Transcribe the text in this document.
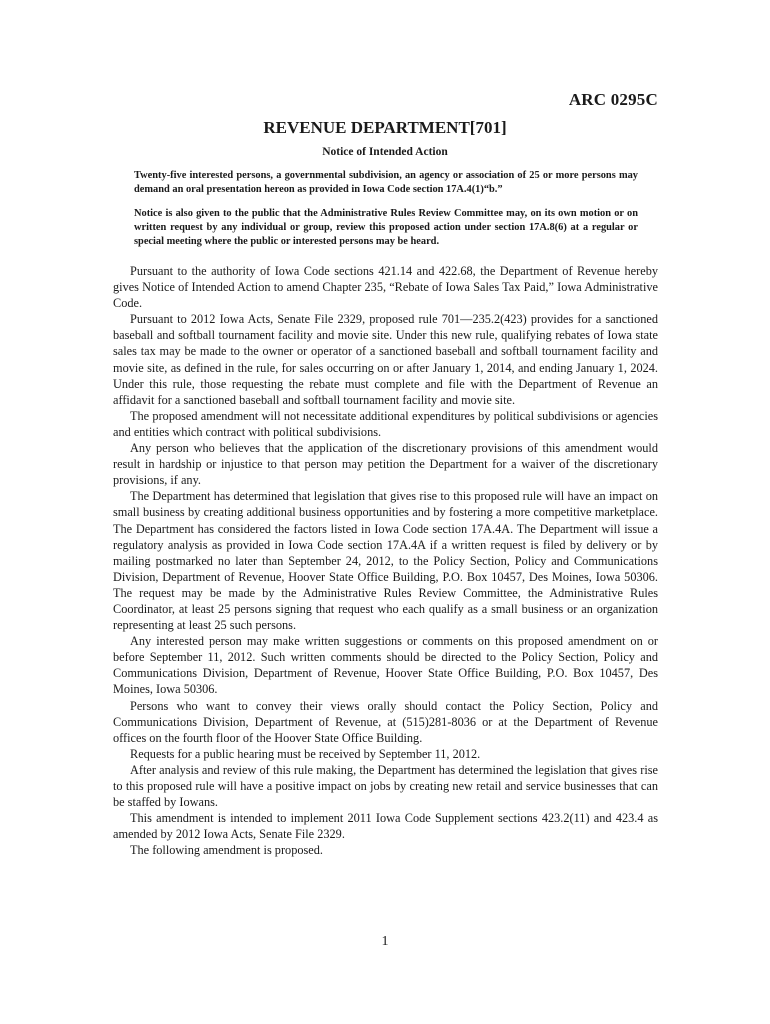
ARC 0295C
REVENUE DEPARTMENT[701]
Notice of Intended Action
Twenty-five interested persons, a governmental subdivision, an agency or association of 25 or more persons may demand an oral presentation hereon as provided in Iowa Code section 17A.4(1)“b.”
Notice is also given to the public that the Administrative Rules Review Committee may, on its own motion or on written request by any individual or group, review this proposed action under section 17A.8(6) at a regular or special meeting where the public or interested persons may be heard.

Pursuant to the authority of Iowa Code sections 421.14 and 422.68, the Department of Revenue hereby gives Notice of Intended Action to amend Chapter 235, “Rebate of Iowa Sales Tax Paid,” Iowa Administrative Code.

Pursuant to 2012 Iowa Acts, Senate File 2329, proposed rule 701—235.2(423) provides for a sanctioned baseball and softball tournament facility and movie site. Under this new rule, qualifying rebates of Iowa state sales tax may be made to the owner or operator of a sanctioned baseball and softball tournament facility and movie site, as defined in the rule, for sales occurring on or after January 1, 2014, and ending January 1, 2024. Under this rule, those requesting the rebate must complete and file with the Department of Revenue an affidavit for a sanctioned baseball and softball tournament facility and movie site.

The proposed amendment will not necessitate additional expenditures by political subdivisions or agencies and entities which contract with political subdivisions.

Any person who believes that the application of the discretionary provisions of this amendment would result in hardship or injustice to that person may petition the Department for a waiver of the discretionary provisions, if any.

The Department has determined that legislation that gives rise to this proposed rule will have an impact on small business by creating additional business opportunities and by fostering a more competitive marketplace. The Department has considered the factors listed in Iowa Code section 17A.4A. The Department will issue a regulatory analysis as provided in Iowa Code section 17A.4A if a written request is filed by delivery or by mailing postmarked no later than September 24, 2012, to the Policy Section, Policy and Communications Division, Department of Revenue, Hoover State Office Building, P.O. Box 10457, Des Moines, Iowa 50306. The request may be made by the Administrative Rules Review Committee, the Administrative Rules Coordinator, at least 25 persons signing that request who each qualify as a small business or an organization representing at least 25 such persons.

Any interested person may make written suggestions or comments on this proposed amendment on or before September 11, 2012. Such written comments should be directed to the Policy Section, Policy and Communications Division, Department of Revenue, Hoover State Office Building, P.O. Box 10457, Des Moines, Iowa 50306.

Persons who want to convey their views orally should contact the Policy Section, Policy and Communications Division, Department of Revenue, at (515)281-8036 or at the Department of Revenue offices on the fourth floor of the Hoover State Office Building.

Requests for a public hearing must be received by September 11, 2012.

After analysis and review of this rule making, the Department has determined the legislation that gives rise to this proposed rule will have a positive impact on jobs by creating new retail and service businesses that can be staffed by Iowans.

This amendment is intended to implement 2011 Iowa Code Supplement sections 423.2(11) and 423.4 as amended by 2012 Iowa Acts, Senate File 2329.

The following amendment is proposed.

1
